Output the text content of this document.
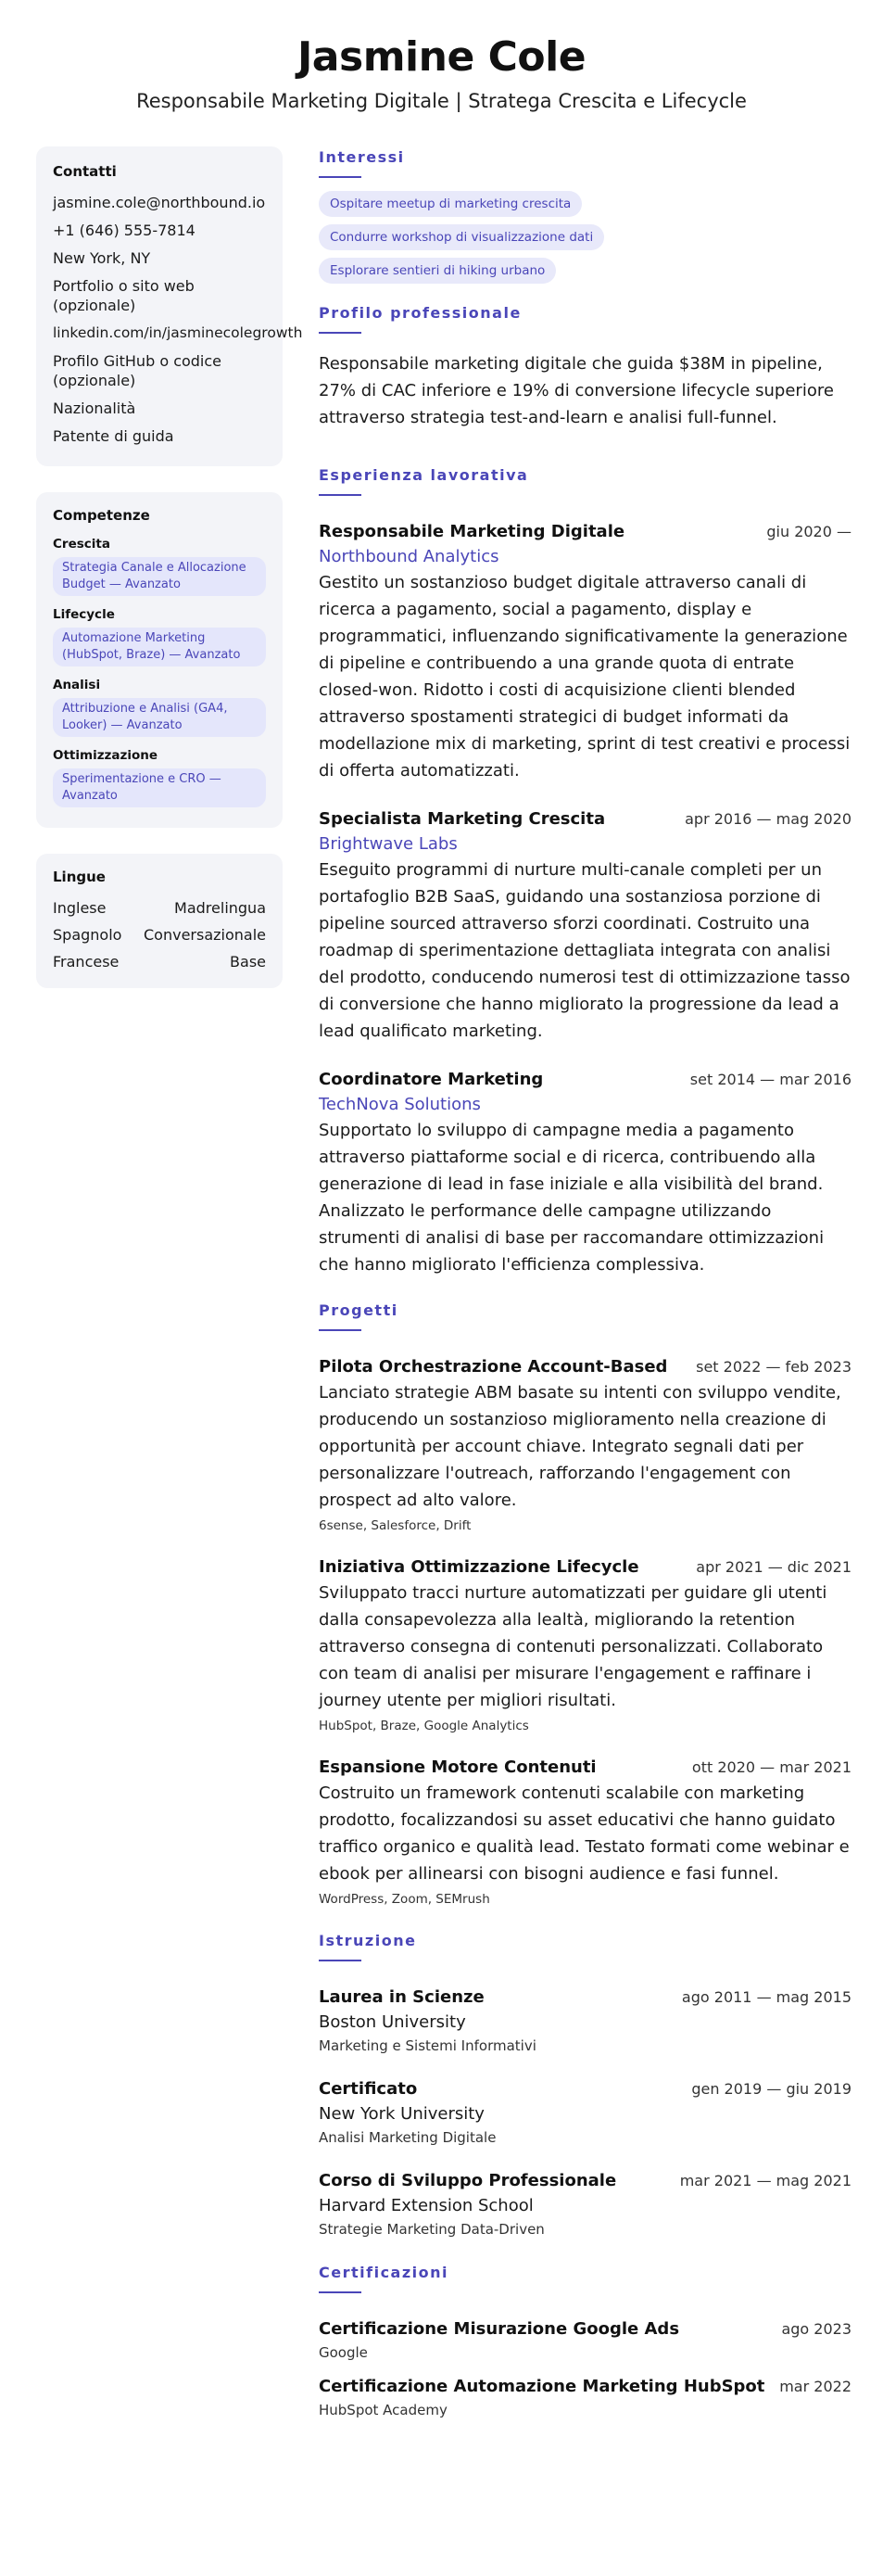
Jasmine Cole
Responsabile Marketing Digitale | Stratega Crescita e Lifecycle
Contatti
jasmine.cole@northbound.io
+1 (646) 555-7814
New York, NY
Portfolio o sito web (opzionale)
linkedin.com/in/jasminecolegrowth
Profilo GitHub o codice (opzionale)
Nazionalità
Patente di guida
Competenze
Crescita
Strategia Canale e Allocazione Budget — Avanzato
Lifecycle
Automazione Marketing (HubSpot, Braze) — Avanzato
Analisi
Attribuzione e Analisi (GA4, Looker) — Avanzato
Ottimizzazione
Sperimentazione e CRO — Avanzato
Lingue
Inglese	Madrelingua
Spagnolo Conversazionale
Francese	Base
Interessi
Ospitare meetup di marketing crescita
Condurre workshop di visualizzazione dati
Esplorare sentieri di hiking urbano
Profilo professionale
Responsabile marketing digitale che guida $38M in pipeline, 27% di CAC inferiore e 19% di conversione lifecycle superiore attraverso strategia test-and-learn e analisi full-funnel.
Esperienza lavorativa
Responsabile Marketing Digitale	giu 2020 —
Northbound Analytics
Gestito un sostanzioso budget digitale attraverso canali di ricerca a pagamento, social a pagamento, display e programmatici, influenzando significativamente la generazione di pipeline e contribuendo a una grande quota di entrate closed-won. Ridotto i costi di acquisizione clienti blended attraverso spostamenti strategici di budget informati da modellazione mix di marketing, sprint di test creativi e processi di offerta automatizzati.
Specialista Marketing Crescita	apr 2016 — mag 2020
Brightwave Labs
Eseguito programmi di nurture multi-canale completi per un portafoglio B2B SaaS, guidando una sostanziosa porzione di pipeline sourced attraverso sforzi coordinati. Costruito una roadmap di sperimentazione dettagliata integrata con analisi del prodotto, conducendo numerosi test di ottimizzazione tasso di conversione che hanno migliorato la progressione da lead a lead qualificato marketing.
Coordinatore Marketing	set 2014 — mar 2016
TechNova Solutions
Supportato lo sviluppo di campagne media a pagamento attraverso piattaforme social e di ricerca, contribuendo alla generazione di lead in fase iniziale e alla visibilità del brand. Analizzato le performance delle campagne utilizzando strumenti di analisi di base per raccomandare ottimizzazioni che hanno migliorato l'efficienza complessiva.
Progetti
Pilota Orchestrazione Account-Based set 2022 — feb 2023
Lanciato strategie ABM basate su intenti con sviluppo vendite, producendo un sostanzioso miglioramento nella creazione di opportunità per account chiave. Integrato segnali dati per personalizzare l'outreach, rafforzando l'engagement con prospect ad alto valore.
6sense, Salesforce, Drift
Iniziativa Ottimizzazione Lifecycle	apr 2021 — dic 2021
Sviluppato tracci nurture automatizzati per guidare gli utenti dalla consapevolezza alla lealtà, migliorando la retention attraverso consegna di contenuti personalizzati. Collaborato con team di analisi per misurare l'engagement e raffinare i journey utente per migliori risultati.
HubSpot, Braze, Google Analytics
Espansione Motore Contenuti	ott 2020 — mar 2021
Costruito un framework contenuti scalabile con marketing prodotto, focalizzandosi su asset educativi che hanno guidato traffico organico e qualità lead. Testato formati come webinar e ebook per allinearsi con bisogni audience e fasi funnel.
WordPress, Zoom, SEMrush
Istruzione
Laurea in Scienze	ago 2011 — mag 2015
Boston University
Marketing e Sistemi Informativi
Certificato	gen 2019 — giu 2019
New York University
Analisi Marketing Digitale
Corso di Sviluppo Professionale	mar 2021 — mag 2021
Harvard Extension School
Strategie Marketing Data-Driven
Certificazioni
Certificazione Misurazione Google Ads	ago 2023
Google
Certificazione Automazione Marketing HubSpot mar 2022
HubSpot Academy
